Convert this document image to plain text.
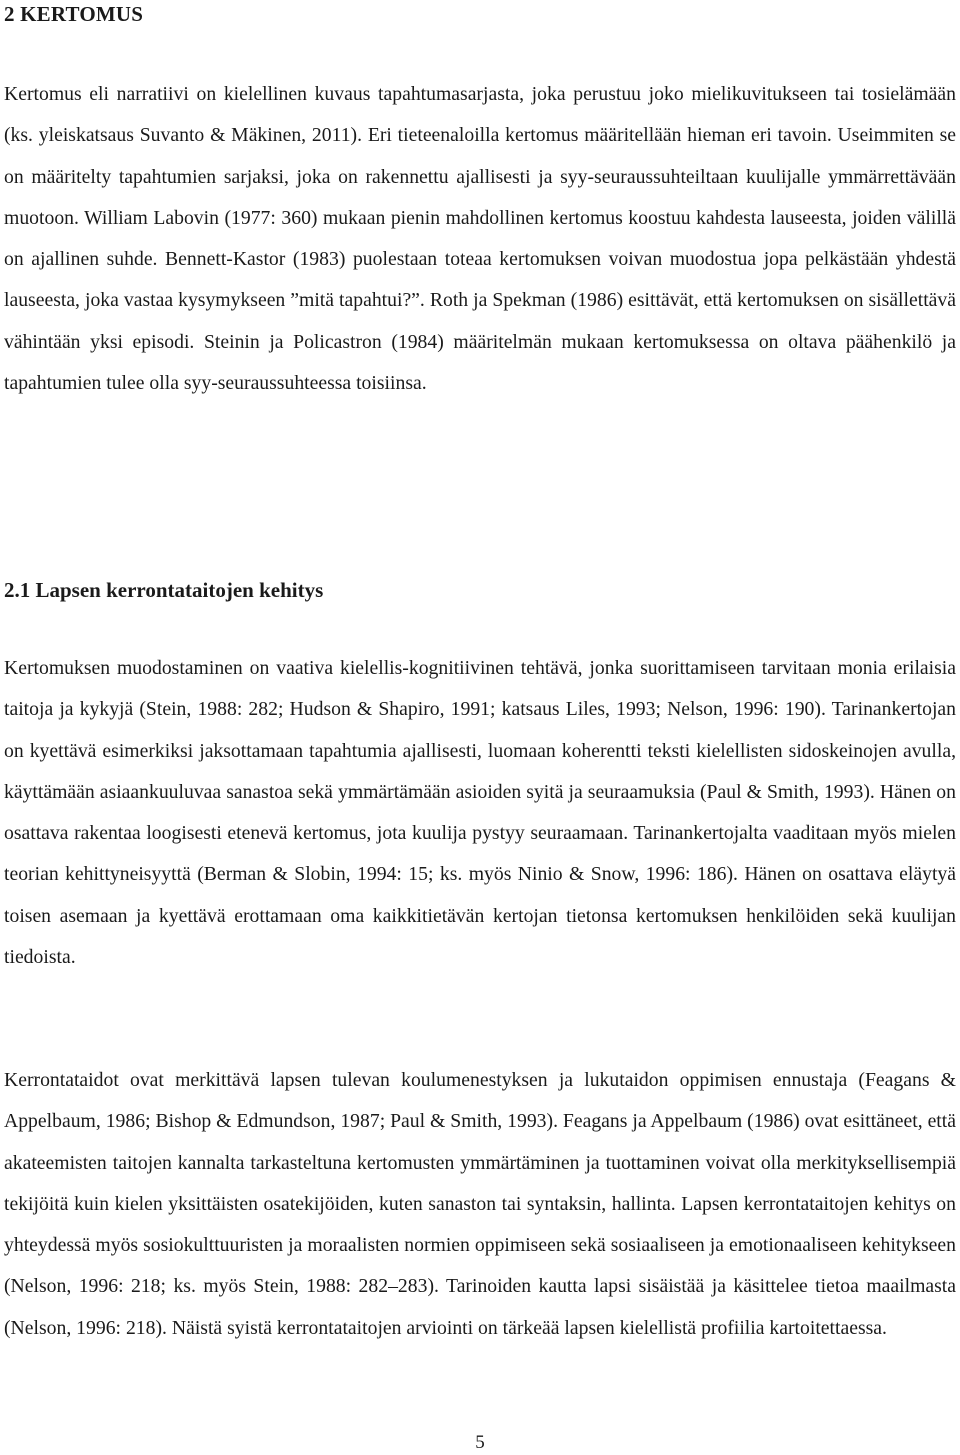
2 KERTOMUS

Kertomus eli narratiivi on kielellinen kuvaus tapahtumasarjasta, joka perustuu joko mielikuvitukseen tai tosielämään (ks. yleiskatsaus Suvanto & Mäkinen, 2011). Eri tieteenaloilla kertomus määritellään hieman eri tavoin. Useimmiten se on määritelty tapahtumien sarjaksi, joka on rakennettu ajallisesti ja syy-seuraussuhteiltaan kuulijalle ymmärrettävään muotoon. William Labovin (1977: 360) mukaan pienin mahdollinen kertomus koostuu kahdesta lauseesta, joiden välillä on ajallinen suhde. Bennett-Kastor (1983) puolestaan toteaa kertomuksen voivan muodostua jopa pelkästään yhdestä lauseesta, joka vastaa kysymykseen ”mitä tapahtui?”. Roth ja Spekman (1986) esittävät, että kertomuksen on sisällettävä vähintään yksi episodi. Steinin ja Policastron (1984) määritelmän mukaan kertomuksessa on oltava päähenkilö ja tapahtumien tulee olla syy-seuraussuhteessa toisiinsa.

2.1 Lapsen kerrontataitojen kehitys

Kertomuksen muodostaminen on vaativa kielellis-kognitiivinen tehtävä, jonka suorittamiseen tarvitaan monia erilaisia taitoja ja kykyjä (Stein, 1988: 282; Hudson & Shapiro, 1991; katsaus Liles, 1993; Nelson, 1996: 190). Tarinankertojan on kyettävä esimerkiksi jaksottamaan tapahtumia ajallisesti, luomaan koherentti teksti kielellisten sidoskeinojen avulla, käyttämään asiaankuuluvaa sanastoa sekä ymmärtämään asioiden syitä ja seuraamuksia (Paul & Smith, 1993). Hänen on osattava rakentaa loogisesti etenevä kertomus, jota kuulija pystyy seuraamaan. Tarinankertojalta vaaditaan myös mielen teorian kehittyneisyyttä (Berman & Slobin, 1994: 15; ks. myös Ninio & Snow, 1996: 186). Hänen on osattava eläytyä toisen asemaan ja kyettävä erottamaan oma kaikkitietävän kertojan tietonsa kertomuksen henkilöiden sekä kuulijan tiedoista.

Kerrontataidot ovat merkittävä lapsen tulevan koulumenestyksen ja lukutaidon oppimisen ennustaja (Feagans & Appelbaum, 1986; Bishop & Edmundson, 1987; Paul & Smith, 1993). Feagans ja Appelbaum (1986) ovat esittäneet, että akateemisten taitojen kannalta tarkasteltuna kertomusten ymmärtäminen ja tuottaminen voivat olla merkityksellisempiä tekijöitä kuin kielen yksittäisten osatekijöiden, kuten sanaston tai syntaksin, hallinta. Lapsen kerrontataitojen kehitys on yhteydessä myös sosiokulttuuristen ja moraalisten normien oppimiseen sekä sosiaaliseen ja emotionaaliseen kehitykseen (Nelson, 1996: 218; ks. myös Stein, 1988: 282–283). Tarinoiden kautta lapsi sisäistää ja käsittelee tietoa maailmasta (Nelson, 1996: 218). Näistä syistä kerrontataitojen arviointi on tärkeää lapsen kielellistä profiilia kartoitettaessa.

5
